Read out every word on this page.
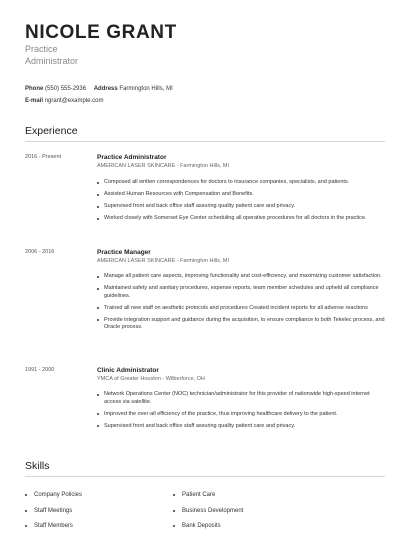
NICOLE GRANT
Practice
Administrator
Phone (550) 555-2936 Address Farmington Hills, MI
E-mail ngrant@example.com
Experience
2016 - Present	Practice Administrator
AMERICAN LASER SKINCARE - Farmington Hills, MI
Composed all written correspondences for doctors to insurance companies, specialists, and patients.
Assisted Human Resources with Compensation and Benefits.
Supervised front and back office staff assuring quality patient care and privacy.
Worked closely with Somerset Eye Center scheduling all operative procedures for all doctors in the practice.
2006 - 2016	Practice Manager
AMERICAN LASER SKINCARE - Farmington Hills, MI
Manage all patient care aspects, improving functionality and cost-efficiency, and maximizing customer satisfaction.
Maintained safety and sanitary procedures, expense reports, team member schedules and upheld all compliance guidelines.
Trained all new staff on aesthetic protocols and procedures Created incident reports for all adverse reactions
Provide integration support and guidance during the acquisition, to ensure compliance to both Tekelec process, and Oracle process.
1991 - 2000	Clinic Administrator
YMCA of Greater Houston - Wilberforce, OH
Network Operations Center (NOC) technician/administrator for this provider of nationwide high-speed internet access via satellite.
Improved the over-all efficiency of the practice, thus improving healthcare delivery to the patient.
Supervised front and back office staff assuring quality patient care and privacy.
Skills
Company Policies
Staff Meetings
Staff Members
Patient Care
Business Development
Bank Deposits
